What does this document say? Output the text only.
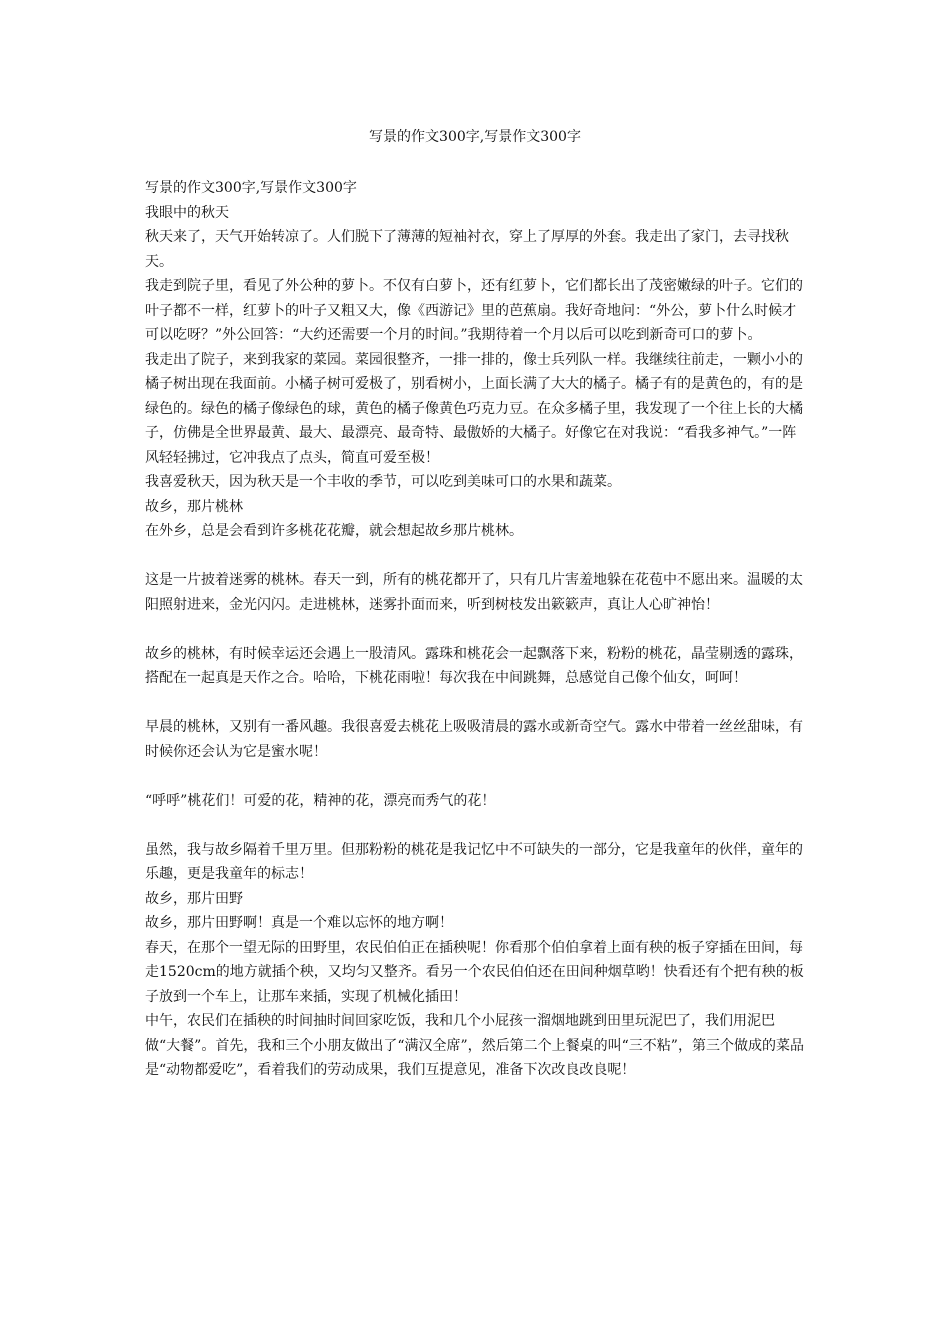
写景的作文300字,写景作文300字

写景的作文300字,写景作文300字

我眼中的秋天

秋天来了，天气开始转凉了。人们脱下了薄薄的短袖衬衣，穿上了厚厚的外套。我走出了家门，去寻找秋天。

我走到院子里，看见了外公种的萝卜。不仅有白萝卜，还有红萝卜，它们都长出了茂密嫩绿的叶子。它们的叶子都不一样，红萝卜的叶子又粗又大，像《西游记》里的芭蕉扇。我好奇地问：“外公，萝卜什么时候才可以吃呀？”外公回答：“大约还需要一个月的时间。”我期待着一个月以后可以吃到新奇可口的萝卜。

我走出了院子，来到我家的菜园。菜园很整齐，一排一排的，像士兵列队一样。我继续往前走，一颗小小的橘子树出现在我面前。小橘子树可爱极了，别看树小，上面长满了大大的橘子。橘子有的是黄色的，有的是绿色的。绿色的橘子像绿色的球，黄色的橘子像黄色巧克力豆。在众多橘子里，我发现了一个往上长的大橘子，仿佛是全世界最黄、最大、最漂亮、最奇特、最傲娇的大橘子。好像它在对我说：“看我多神气。”一阵风轻轻拂过，它冲我点了点头，简直可爱至极！

我喜爱秋天，因为秋天是一个丰收的季节，可以吃到美味可口的水果和蔬菜。

故乡，那片桃林

在外乡，总是会看到许多桃花花瓣，就会想起故乡那片桃林。

这是一片披着迷雾的桃林。春天一到，所有的桃花都开了，只有几片害羞地躲在花苞中不愿出来。温暖的太阳照射进来，金光闪闪。走进桃林，迷雾扑面而来，听到树枝发出簌簌声，真让人心旷神怡！

故乡的桃林，有时候幸运还会遇上一股清风。露珠和桃花会一起飘落下来，粉粉的桃花，晶莹剔透的露珠，搭配在一起真是天作之合。哈哈，下桃花雨啦！每次我在中间跳舞，总感觉自己像个仙女，呵呵！

早晨的桃林，又别有一番风趣。我很喜爱去桃花上吸吸清晨的露水或新奇空气。露水中带着一丝丝甜味，有时候你还会认为它是蜜水呢！

“呼呼”桃花们！可爱的花，精神的花，漂亮而秀气的花！

虽然，我与故乡隔着千里万里。但那粉粉的桃花是我记忆中不可缺失的一部分，它是我童年的伙伴，童年的乐趣，更是我童年的标志！

故乡，那片田野

故乡，那片田野啊！真是一个难以忘怀的地方啊！

春天，在那个一望无际的田野里，农民伯伯正在插秧呢！你看那个伯伯拿着上面有秧的板子穿插在田间，每走1520cm的地方就插个秧，又均匀又整齐。看另一个农民伯伯还在田间种烟草哟！快看还有个把有秧的板子放到一个车上，让那车来插，实现了机械化插田！

中午，农民们在插秧的时间抽时间回家吃饭，我和几个小屁孩一溜烟地跳到田里玩泥巴了，我们用泥巴做“大餐”。首先，我和三个小朋友做出了“满汉全席”，然后第二个上餐桌的叫“三不粘”，第三个做成的菜品是“动物都爱吃”，看着我们的劳动成果，我们互提意见，准备下次改良改良呢！
